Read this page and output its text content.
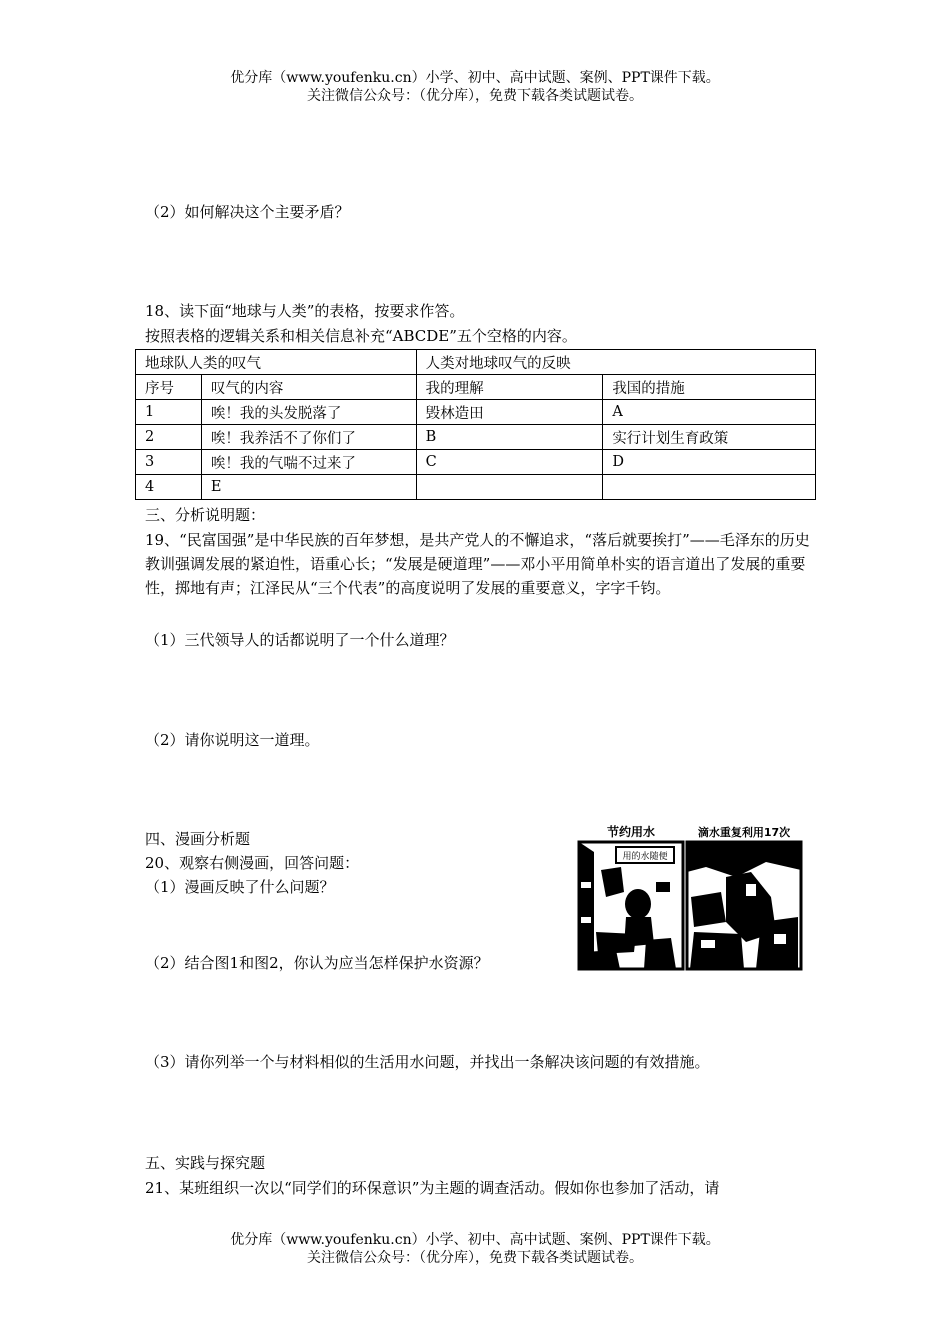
优分库（www.youfenku.cn）小学、初中、高中试题、案例、PPT课件下载。
关注微信公众号：（优分库），免费下载各类试题试卷。
（2）如何解决这个主要矛盾？
18、读下面“地球与人类”的表格，按要求作答。
按照表格的逻辑关系和相关信息补充“ABCDE”五个空格的内容。
地球队人类的叹气		人类对地球叹气的反映	
序号	叹气的内容	我的理解	我国的措施
1	唉！我的头发脱落了	毁林造田	A
2	唉！我养活不了你们了	B	实行计划生育政策
3	唉！我的气喘不过来了	C	D
4	E		
三、分析说明题：
19、“民富国强”是中华民族的百年梦想，是共产党人的不懈追求，“落后就要挨打”——毛泽东的历史教训强调发展的紧迫性，语重心长；“发展是硬道理”——邓小平用简单朴实的语言道出了发展的重要性，掷地有声；江泽民从“三个代表”的高度说明了发展的重要意义，字字千钧。
（1）三代领导人的话都说明了一个什么道理？
（2）请你说明这一道理。
四、漫画分析题
20、观察右侧漫画，回答问题：
（1）漫画反映了什么问题？
（2）结合图1和图2，你认为应当怎样保护水资源？
（3）请你列举一个与材料相似的生活用水问题，并找出一条解决该问题的有效措施。
节约用水
用的水随便
滴水重复利用17次
五、实践与探究题
21、某班组织一次以“同学们的环保意识”为主题的调查活动。假如你也参加了活动，请
优分库（www.youfenku.cn）小学、初中、高中试题、案例、PPT课件下载。
关注微信公众号：（优分库），免费下载各类试题试卷。
